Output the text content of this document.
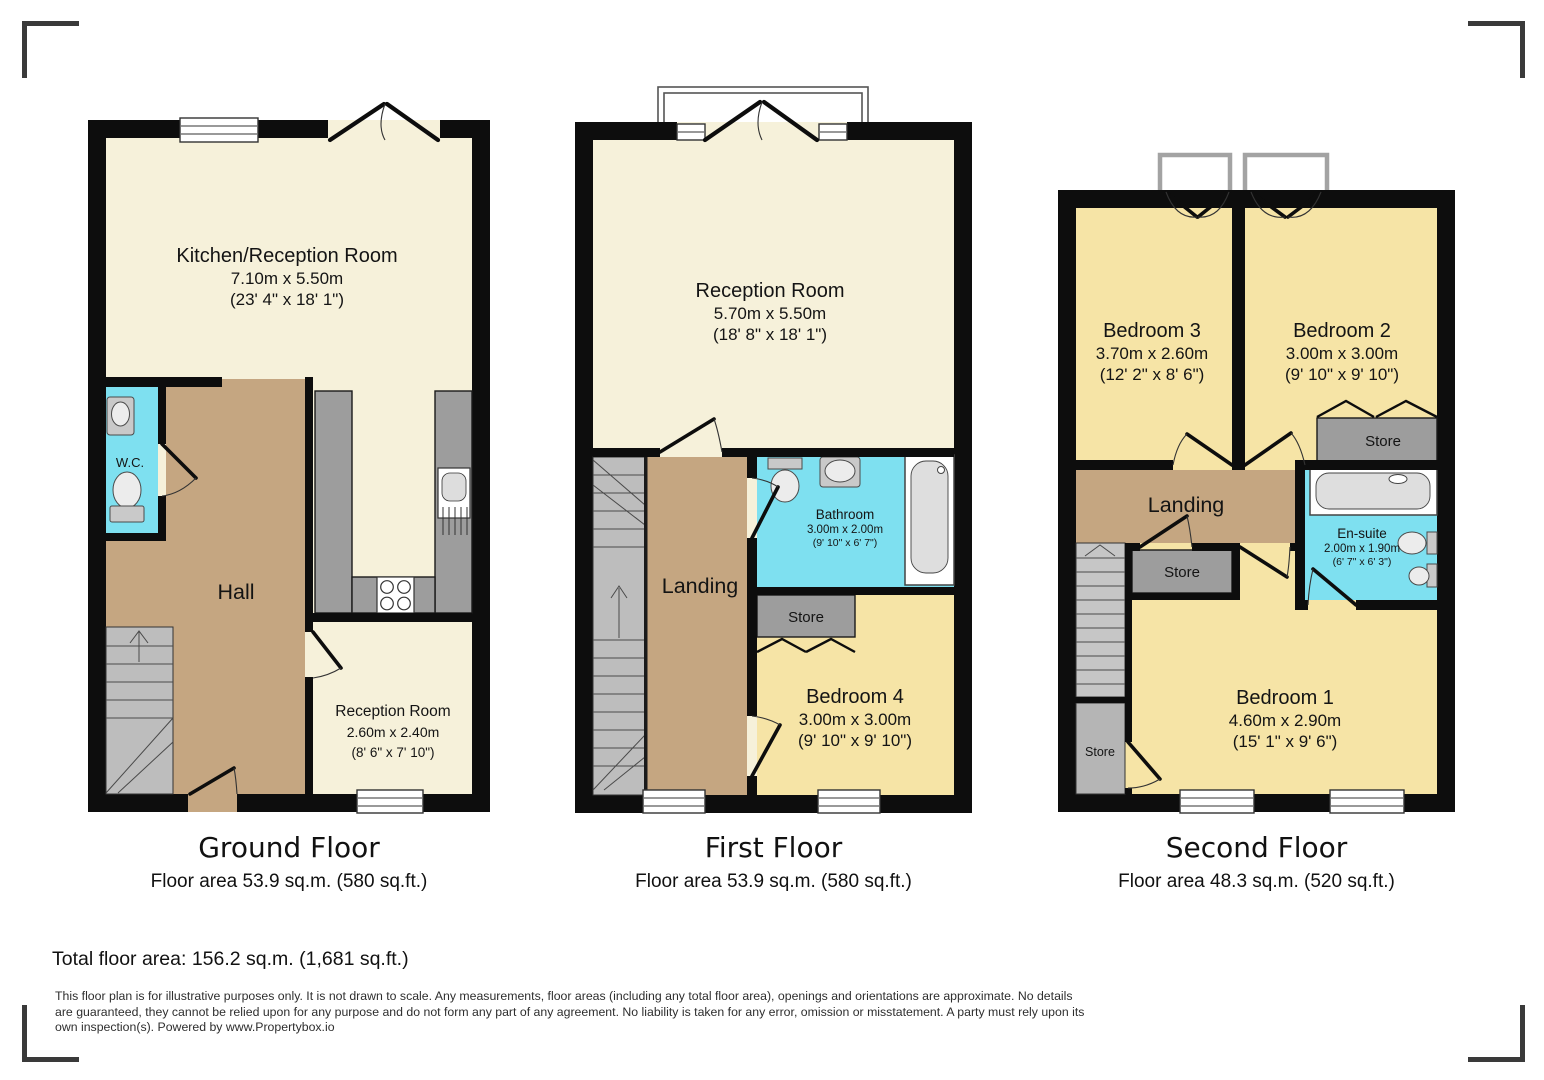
Kitchen/Reception Room
7.10m x 5.50m
(23' 4" x 18' 1")
W.C.
Hall
Reception Room
2.60m x 2.40m
(8' 6" x 7' 10")
Reception Room
5.70m x 5.50m
(18' 8" x 18' 1")
Landing
Bathroom
3.00m x 2.00m
(9' 10" x 6' 7")
Store
Bedroom 4
3.00m x 3.00m
(9' 10" x 9' 10")
Bedroom 3
3.70m x 2.60m
(12' 2" x 8' 6")
Bedroom 2
3.00m x 3.00m
(9' 10" x 9' 10")
Store
Landing
En-suite
2.00m x 1.90m
(6' 7" x 6' 3")
Store
Store
Bedroom 1
4.60m x 2.90m
(15' 1" x 9' 6")
Ground Floor
Floor area 53.9 sq.m. (580 sq.ft.)
First Floor
Floor area 53.9 sq.m. (580 sq.ft.)
Second Floor
Floor area 48.3 sq.m. (520 sq.ft.)
Total floor area: 156.2 sq.m. (1,681 sq.ft.)
This floor plan is for illustrative purposes only. It is not drawn to scale. Any measurements, floor areas (including any total floor area), openings and orientations are approximate. No details are guaranteed, they cannot be relied upon for any purpose and do not form any part of any agreement. No liability is taken for any error, omission or misstatement. A party must rely upon its own inspection(s). Powered by www.Propertybox.io
